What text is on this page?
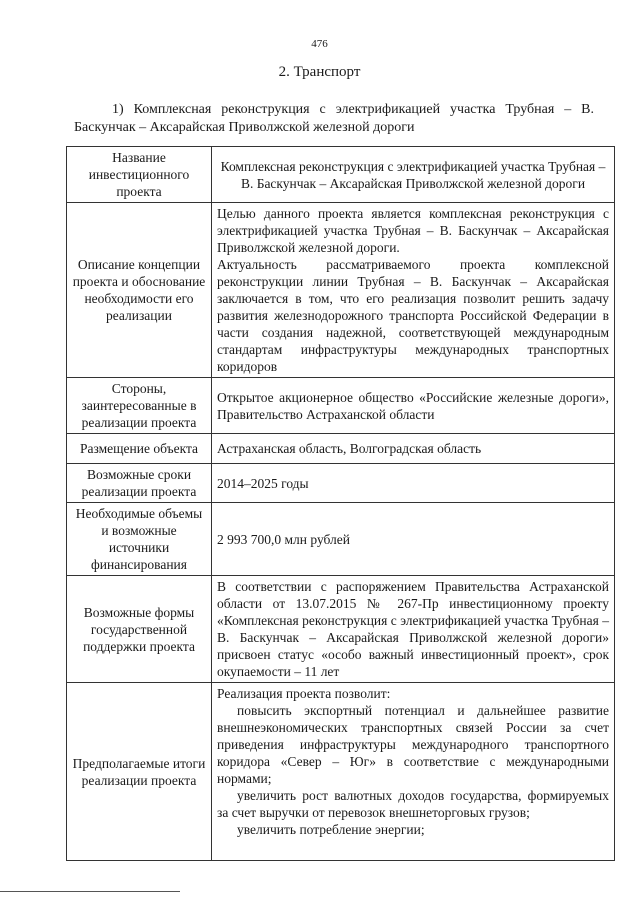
476
2. Транспорт
1) Комплексная реконструкция с электрификацией участка Трубная – В. Баскунчак – Аксарайская Приволжской железной дороги
Название инвестиционного проекта	Комплексная реконструкция с электрификацией участка Трубная – В. Баскунчак – Аксарайская Приволжской железной дороги
Описание концепции проекта и обоснование необходимости его реализации	Целью данного проекта является комплексная реконструкция с электрификацией участка Трубная – В. Баскунчак – Аксарайская Приволжской железной дороги.

Актуальность рассматриваемого проекта комплексной реконструкции линии Трубная – В. Баскунчак – Аксарайская заключается в том, что его реализация позволит решить задачу развития железнодорожного транспорта Российской Федерации в части создания надежной, соответствующей международным стандартам инфраструктуры международных транспортных коридоров

Стороны, заинтересованные в реализации проекта	Открытое акционерное общество «Российские железные дороги», Правительство Астраханской области
Размещение объекта	Астраханская область, Волгоградская область
Возможные сроки реализации проекта	2014–2025 годы
Необходимые объемы и возможные источники финансирования	2 993 700,0 млн рублей
Возможные формы государственной поддержки проекта	В соответствии с распоряжением Правительства Астраханской области от 13.07.2015 № 267-Пр инвестиционному проекту «Комплексная реконструкция с электрификацией участка Трубная – В. Баскунчак – Аксарайская Приволжской железной дороги» присвоен статус «особо важный инвестиционный проект», срок окупаемости – 11 лет
Предполагаемые итоги реализации проекта	Реализация проекта позволит:

повысить экспортный потенциал и дальнейшее развитие внешнеэкономических транспортных связей России за счет приведения инфраструктуры международного транспортного коридора «Север – Юг» в соответствие с международными нормами;

увеличить рост валютных доходов государства, формируемых за счет выручки от перевозок внешнеторговых грузов;

увеличить потребление энергии;
